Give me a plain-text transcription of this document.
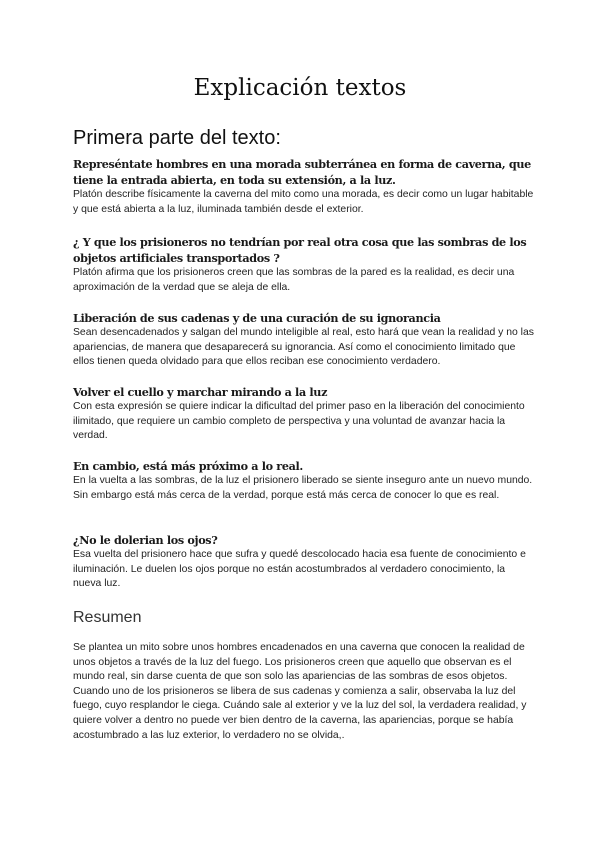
Explicación textos
Primera parte del texto:

Represéntate hombres en una morada subterránea en forma de caverna, que tiene la entrada abierta, en toda su extensión, a la luz.

Platón describe físicamente la caverna del mito como una morada, es decir como un lugar habitable y que está abierta a la luz, iluminada también desde el exterior.

¿ Y que los prisioneros no tendrían por real otra cosa que las sombras de los objetos artificiales transportados ?

Platón afirma que los prisioneros creen que las sombras de la pared es la realidad, es decir una aproximación de la verdad que se aleja de ella.

Liberación de sus cadenas y de una curación de su ignorancia

Sean desencadenados y salgan del mundo inteligible al real, esto hará que vean la realidad y no las apariencias, de manera que desaparecerá su ignorancia. Así como el conocimiento limitado que ellos tienen queda olvidado para que ellos reciban ese conocimiento verdadero.

Volver el cuello y marchar mirando a la luz

Con esta expresión se quiere indicar la dificultad del primer paso en la liberación del conocimiento ilimitado, que requiere un cambio completo de perspectiva y una voluntad de avanzar hacia la verdad.

En cambio, está más próximo a lo real.

En la vuelta a las sombras, de la luz el prisionero liberado se siente inseguro ante un nuevo mundo. Sin embargo está más cerca de la verdad, porque está más cerca de conocer lo que es real.

¿No le dolerian los ojos?

Esa vuelta del prisionero hace que sufra y quedé descolocado hacia esa fuente de conocimiento e iluminación. Le duelen los ojos porque no están acostumbrados al verdadero conocimiento, la nueva luz.

Resumen

Se plantea un mito sobre unos hombres encadenados en una caverna que conocen la realidad de unos objetos a través de la luz del fuego. Los prisioneros creen que aquello que observan es el mundo real, sin darse cuenta de que son solo las apariencias de las sombras de esos objetos. Cuando uno de los prisioneros se libera de sus cadenas y comienza a salir, observaba la luz del fuego, cuyo resplandor le ciega. Cuándo sale al exterior y ve la luz del sol, la verdadera realidad, y quiere volver a dentro no puede ver bien dentro de la caverna, las apariencias, porque se había acostumbrado a las luz exterior, lo verdadero no se olvida,.
